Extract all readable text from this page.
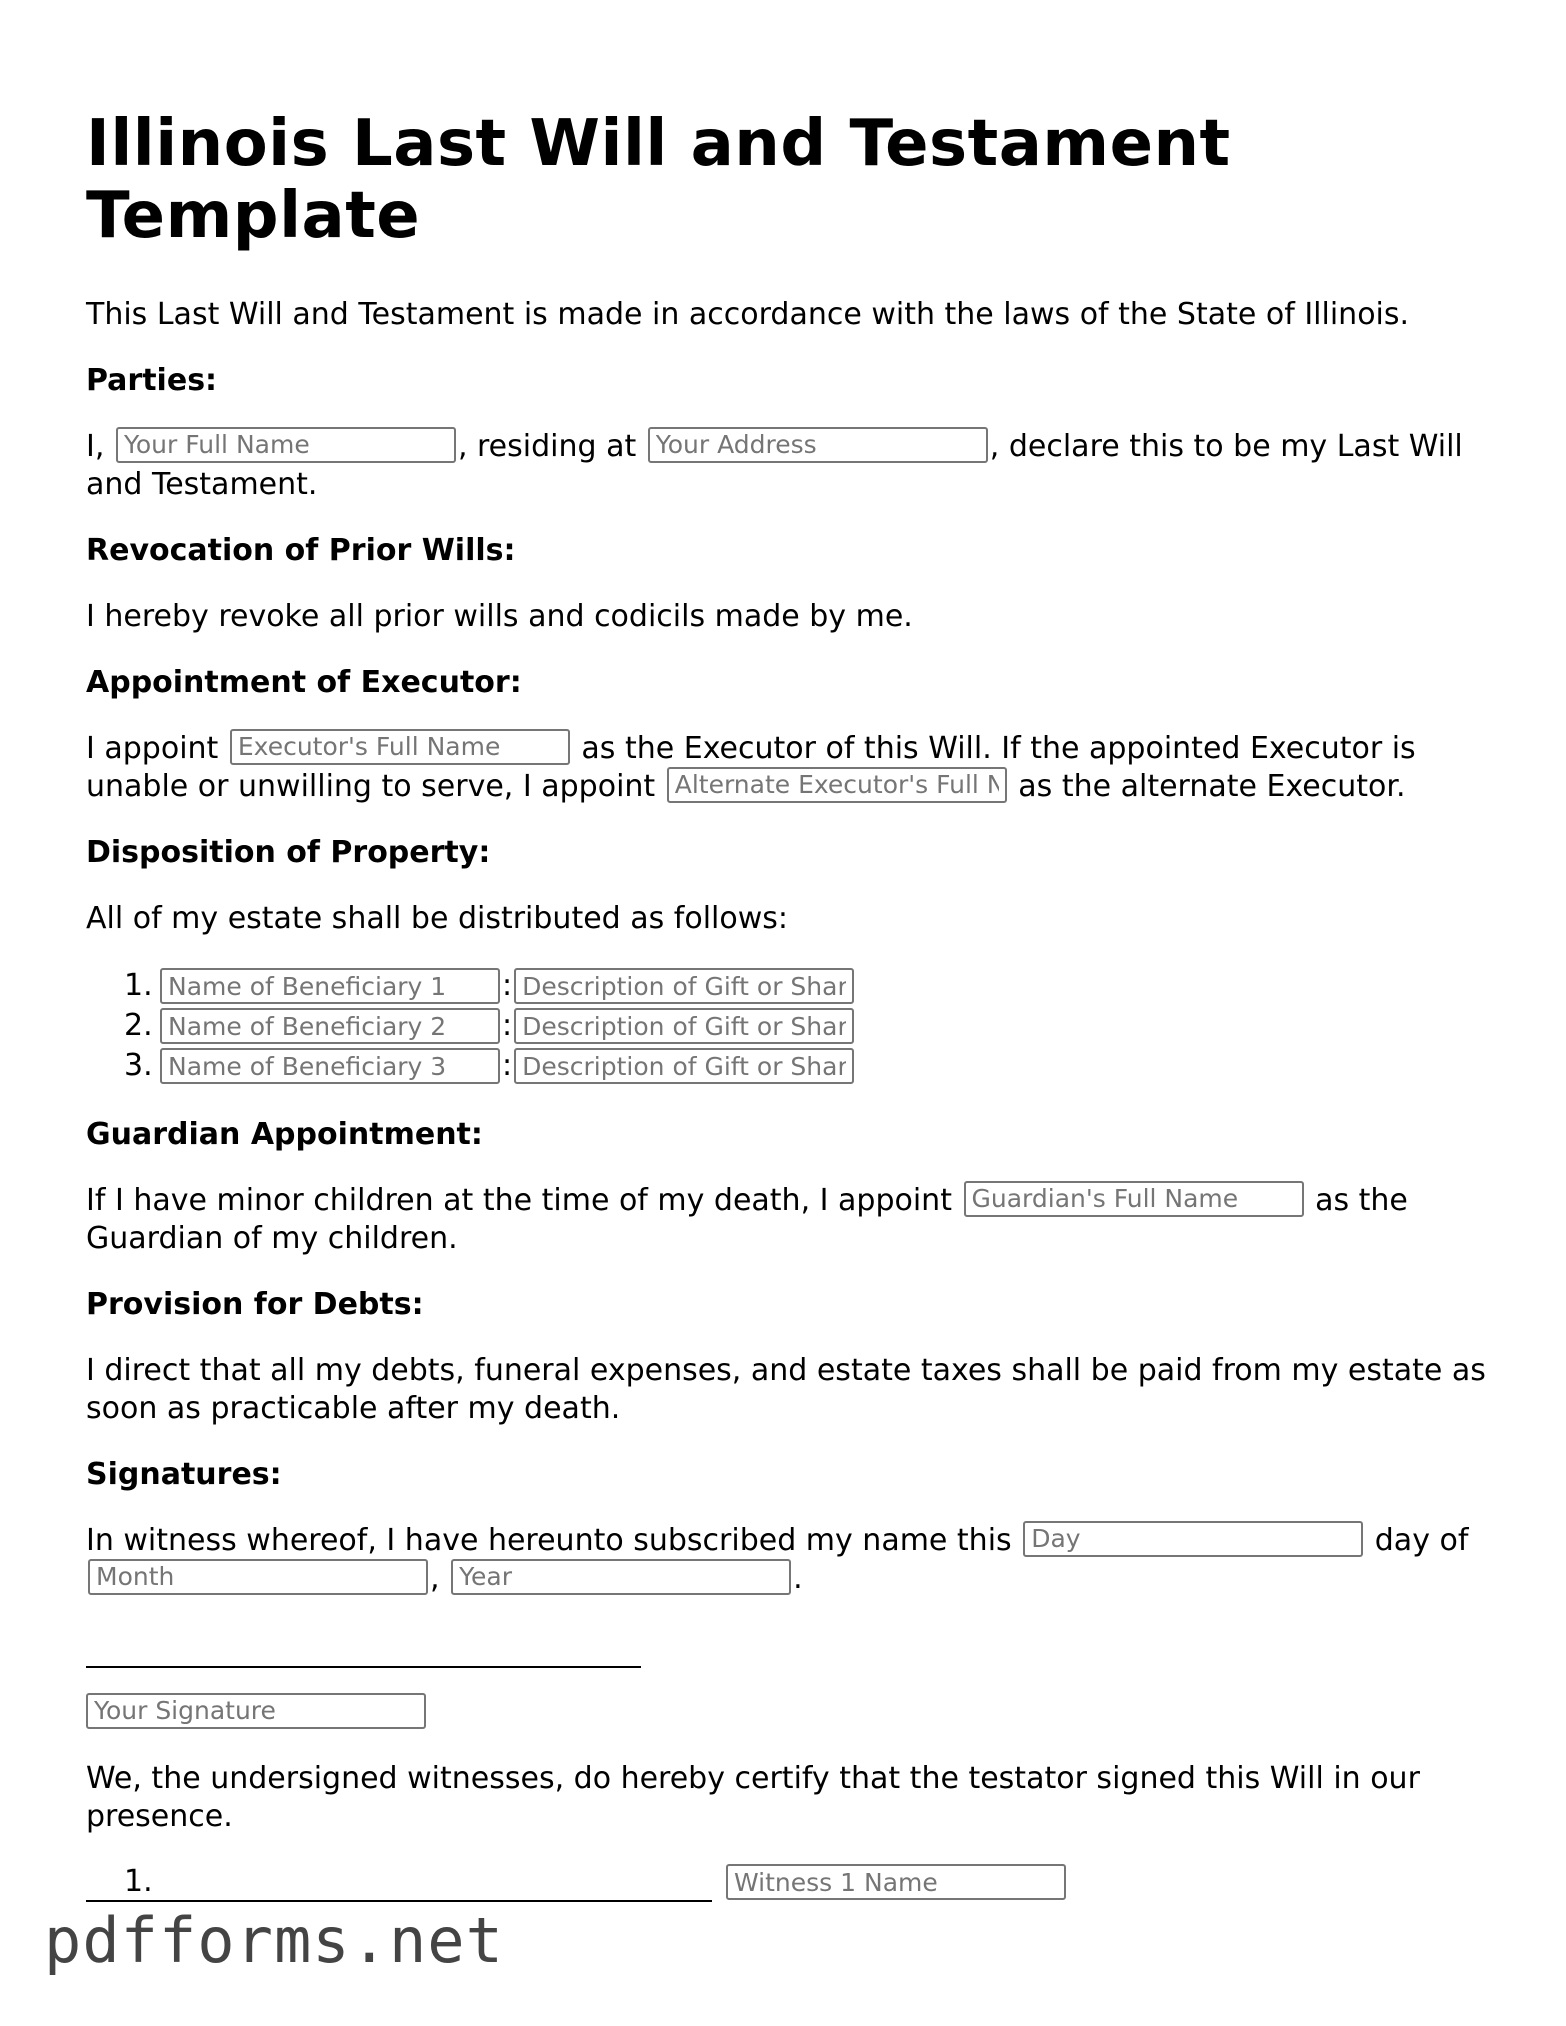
Illinois Last Will and Testament Template

This Last Will and Testament is made in accordance with the laws of the State of Illinois.

Parties:

I, Your Full Name	, residing at Your Address	, declare this to be my Last Will and Testament.

Revocation of Prior Wills:

I hereby revoke all prior wills and codicils made by me.

Appointment of Executor:

I appoint Executor's Full Name	as the Executor of this Will. If the appointed Executor is unable or unwilling to serve, I appoint Alternate Executor's Full Name	as the alternate Executor.

Disposition of Property:

All of my estate shall be distributed as follows:

1.
Name of Beneficiary 1	:
Description of Gift or Share
2.
Name of Beneficiary 2	:
Description of Gift or Share
3.
Name of Beneficiary 3	:
Description of Gift or Share
Guardian Appointment:

If I have minor children at the time of my death, I appoint Guardian's Full Name	as the Guardian of my children.

Provision for Debts:

I direct that all my debts, funeral expenses, and estate taxes shall be paid from my estate as soon as practicable after my death.

Signatures:

In witness whereof, I have hereunto subscribed my name this Day	day of Month, Year	.

Your Signature

We, the undersigned witnesses, do hereby certify that the testator signed this Will in our presence.

1.
Witness 1 Name
pdfforms.net
